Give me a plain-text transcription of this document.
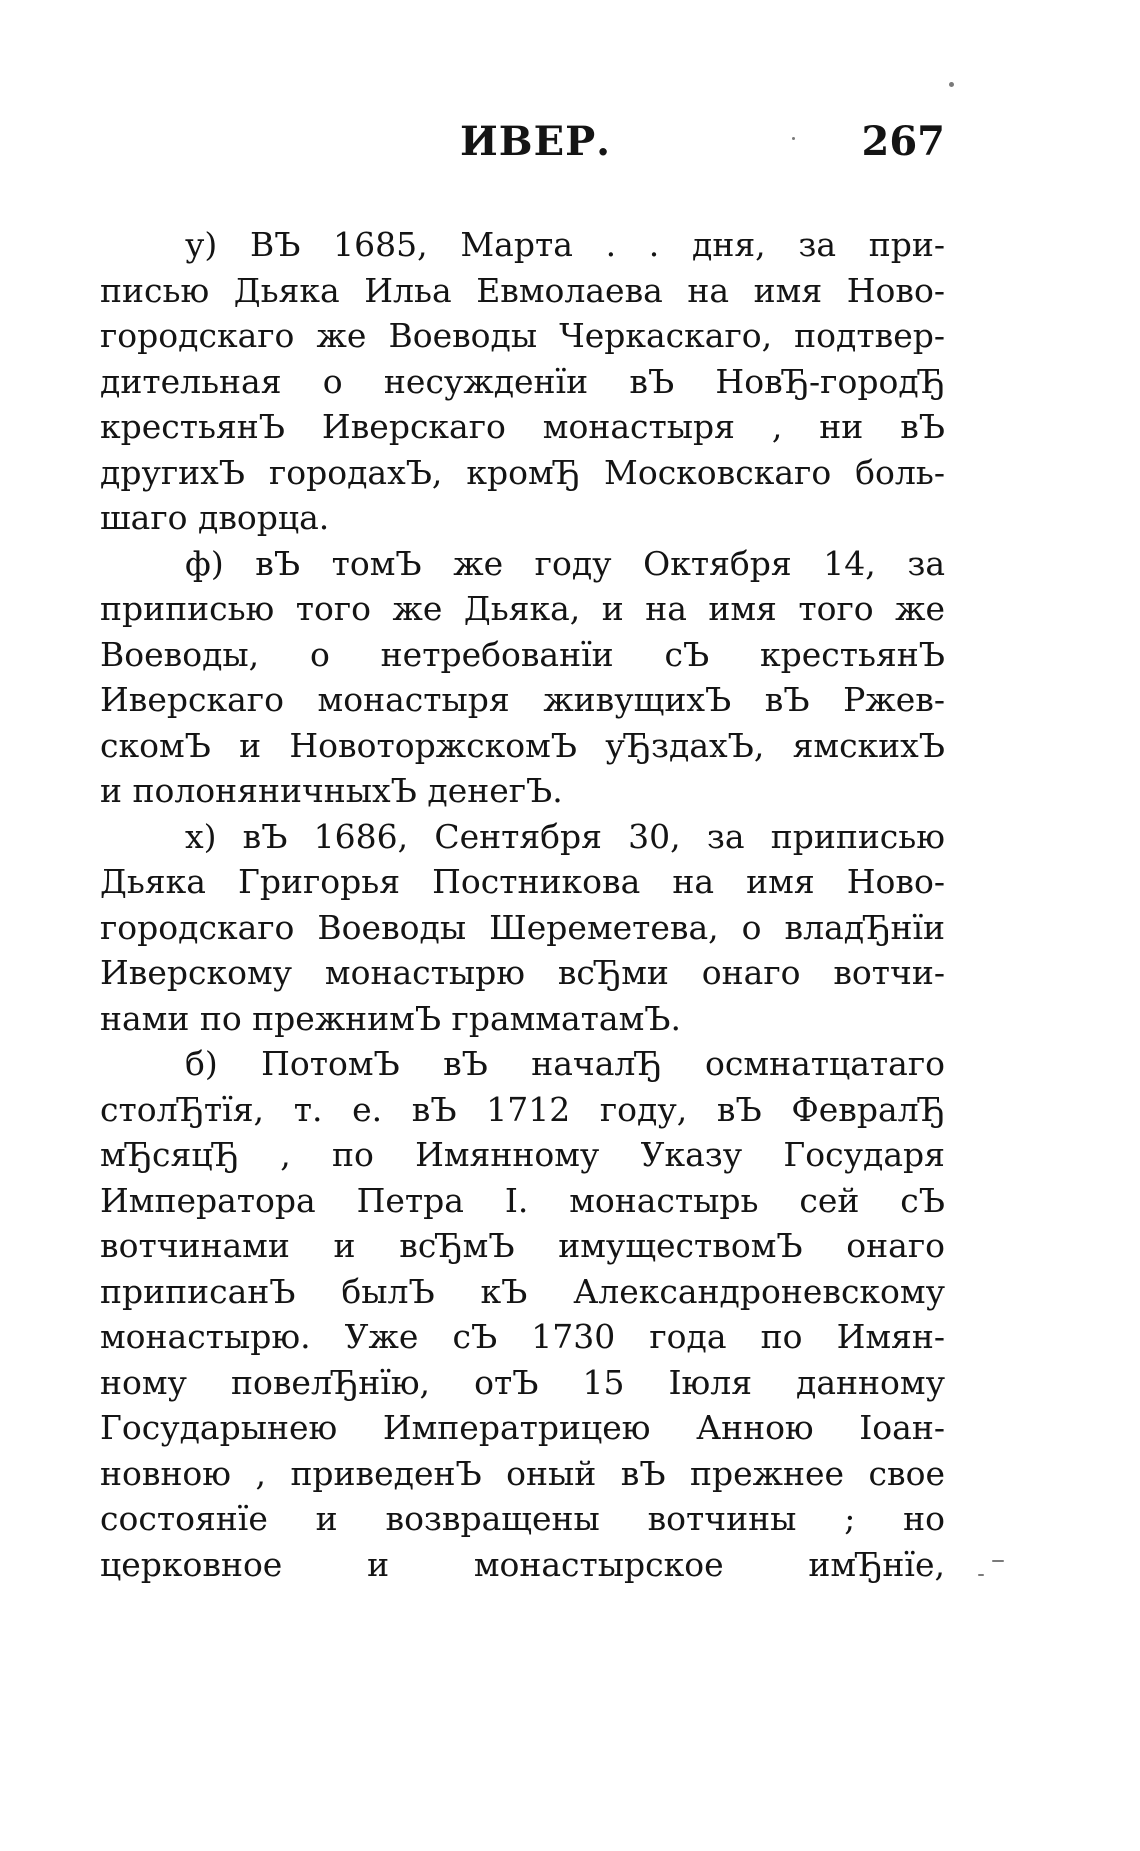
ИВЕР.	267
у) ВЪ 1685, Марта . . дня, за при-
писью Дьяка Ильа Евмолаева на имя Ново-
городскаго же Воеводы Черкаскаго, подтвер-
дительная о несужденїи вЪ НовЂ-городЂ
крестьянЪ Иверскаго монастыря , ни вЪ
другихЪ городахЪ, кромЂ Московскаго боль-
шаго дворца.
ф) вЪ томЪ же году Октября 14, за
приписью того же Дьяка, и на имя того же
Воеводы, о нетребованїи сЪ крестьянЪ
Иверскаго монастыря живущихЪ вЪ Ржев-
скомЪ и НовоторжскомЪ уЂздахЪ, ямскихЪ
и полоняничныхЪ денегЪ.
х) вЪ 1686, Сентября 30, за приписью
Дьяка Григорья Постникова на имя Ново-
городскаго Воеводы Шереметева, о владЂнїи
Иверскому монастырю всЂми онаго вотчи-
нами по прежнимЪ грамматамЪ.
б) ПотомЪ вЪ началЂ осмнатцатаго
столЂтїя, т. е. вЪ 1712 году, вЪ ФевралЂ
мЂсяцЂ , по Имянному Указу Государя
Императора Петра I. монастырь сей сЪ
вотчинами и всЂмЪ имуществомЪ онаго
приписанЪ былЪ кЪ Александроневскому
монастырю. Уже сЪ 1730 года по Имян-
ному повелЂнїю, отЪ 15 Iюля данному
Государынею Императрицею Анною Iоан-
новною , приведенЪ оный вЪ прежнее свое
состоянїе и возвращены вотчины ; но
церковное и монастырское имЂнїе,
